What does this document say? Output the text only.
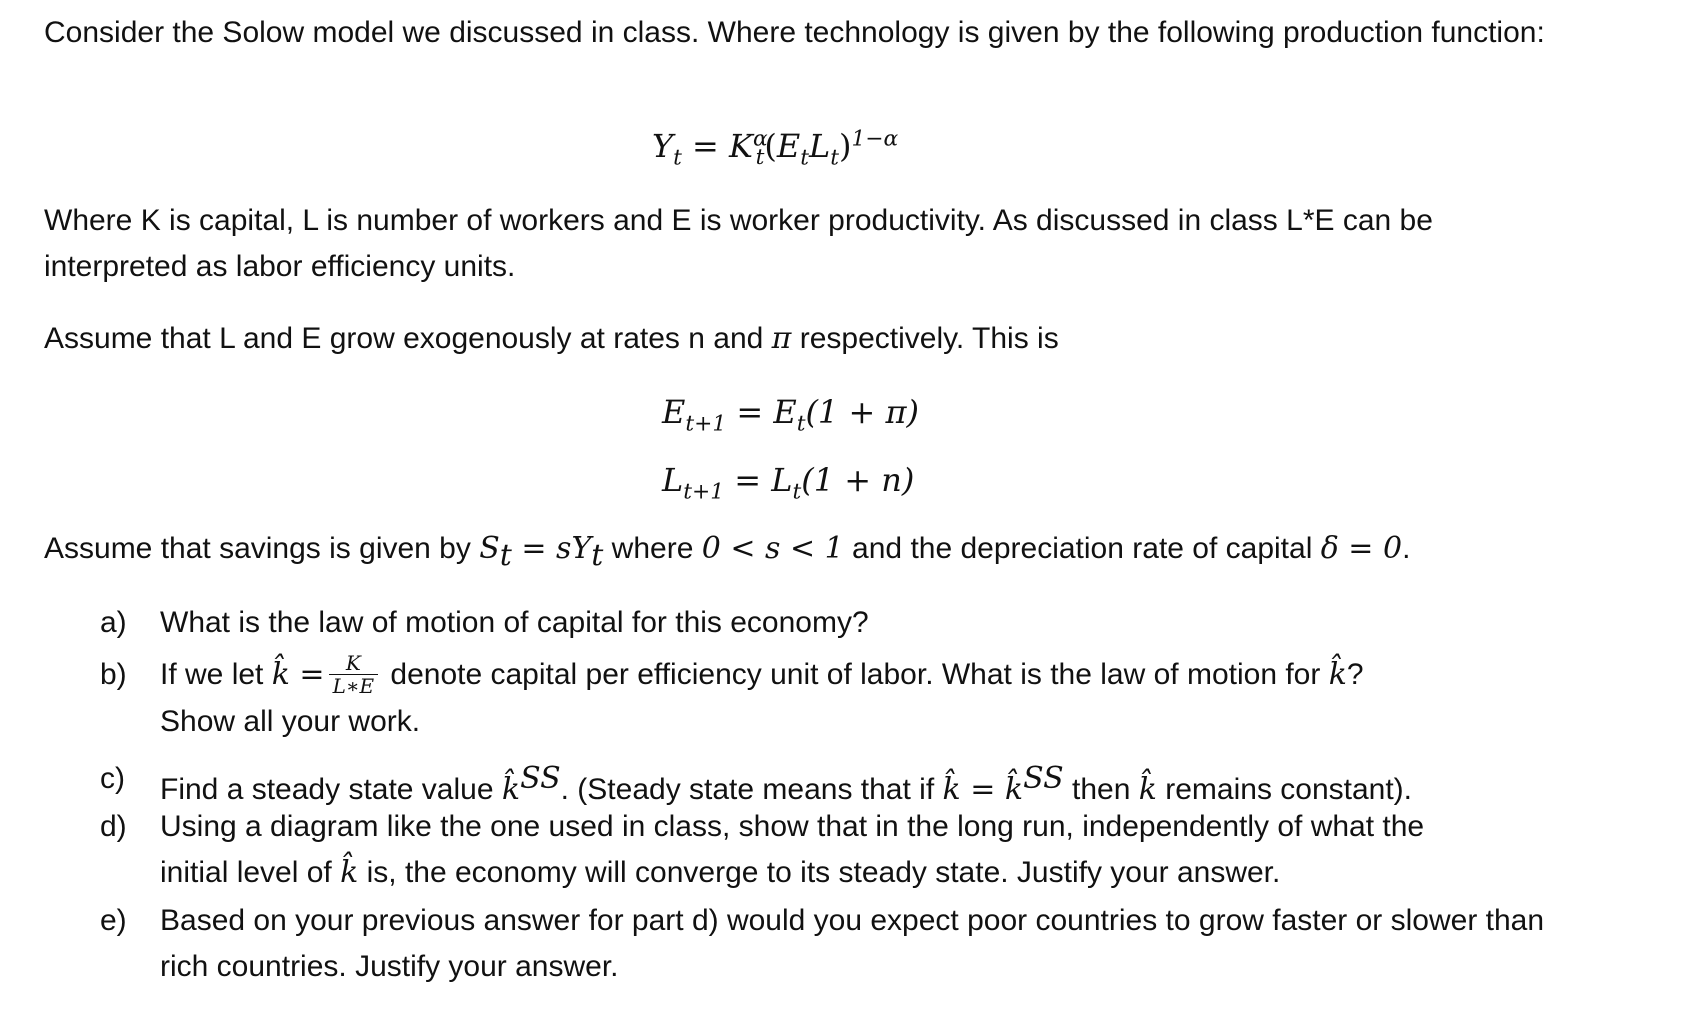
Consider the Solow model we discussed in class. Where technology is given by the following production function:

$Y_t = K^\alpha_t(E_tL_t)^{1-\alpha}$

Where K is capital, L is number of workers and E is worker productivity. As discussed in class L*E can be interpreted as labor efficiency units.

Assume that L and E grow exogenously at rates n and π respectively. This is

$E_{t+1} = E_t(1 + \pi)$
$L_{t+1} = L_t(1 + n)$

Assume that savings is given by $S_t = sY_t$ where 0 < s < 1 and the depreciation rate of capital δ = 0.

a) What is the law of motion of capital for this economy?
b) If we let k̂ = $\frac{K}{L∗E}$ denote capital per efficiency unit of labor. What is the law of motion for k̂?
Show all your work.
c) Find a steady state value k̂$^{SS}$. (Steady state means that if k̂ = k̂$^{SS}$ then k̂ remains constant).
d) Using a diagram like the one used in class, show that in the long run, independently of what the
initial level of k̂ is, the economy will converge to its steady state. Justify your answer.
e) Based on your previous answer for part d) would you expect poor countries to grow faster or slower than rich countries. Justify your answer.
